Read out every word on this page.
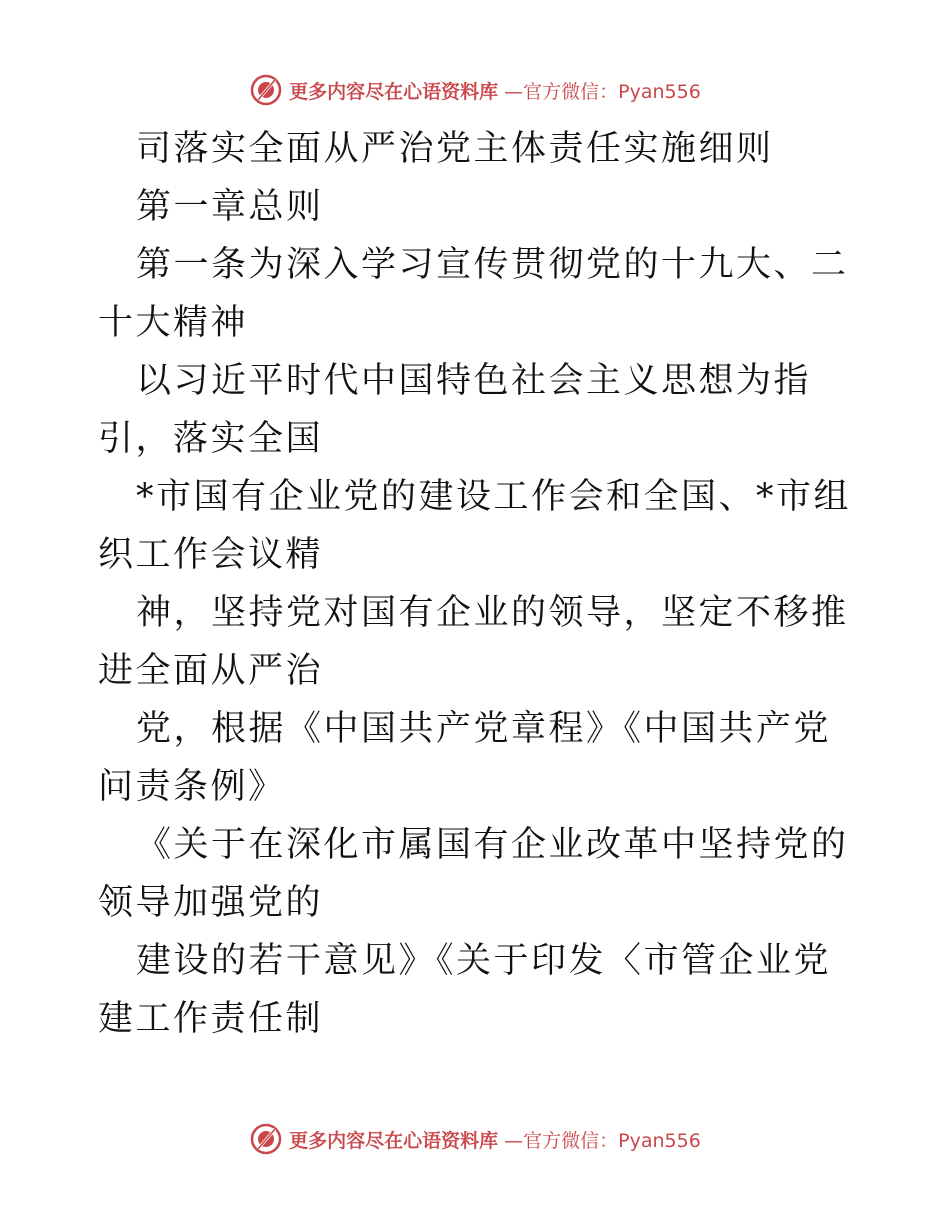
更多内容尽在心语资料库 —官方微信：Pyan556

司落实全面从严治党主体责任实施细则

第一章总则

第一条为深入学习宣传贯彻党的十九大、二十大精神

以习近平时代中国特色社会主义思想为指引，落实全国

*市国有企业党的建设工作会和全国、*市组织工作会议精

神，坚持党对国有企业的领导，坚定不移推进全面从严治

党，根据《中国共产党章程》《中国共产党问责条例》

《关于在深化市属国有企业改革中坚持党的领导加强党的

建设的若干意见》《关于印发〈市管企业党建工作责任制

更多内容尽在心语资料库 —官方微信：Pyan556
